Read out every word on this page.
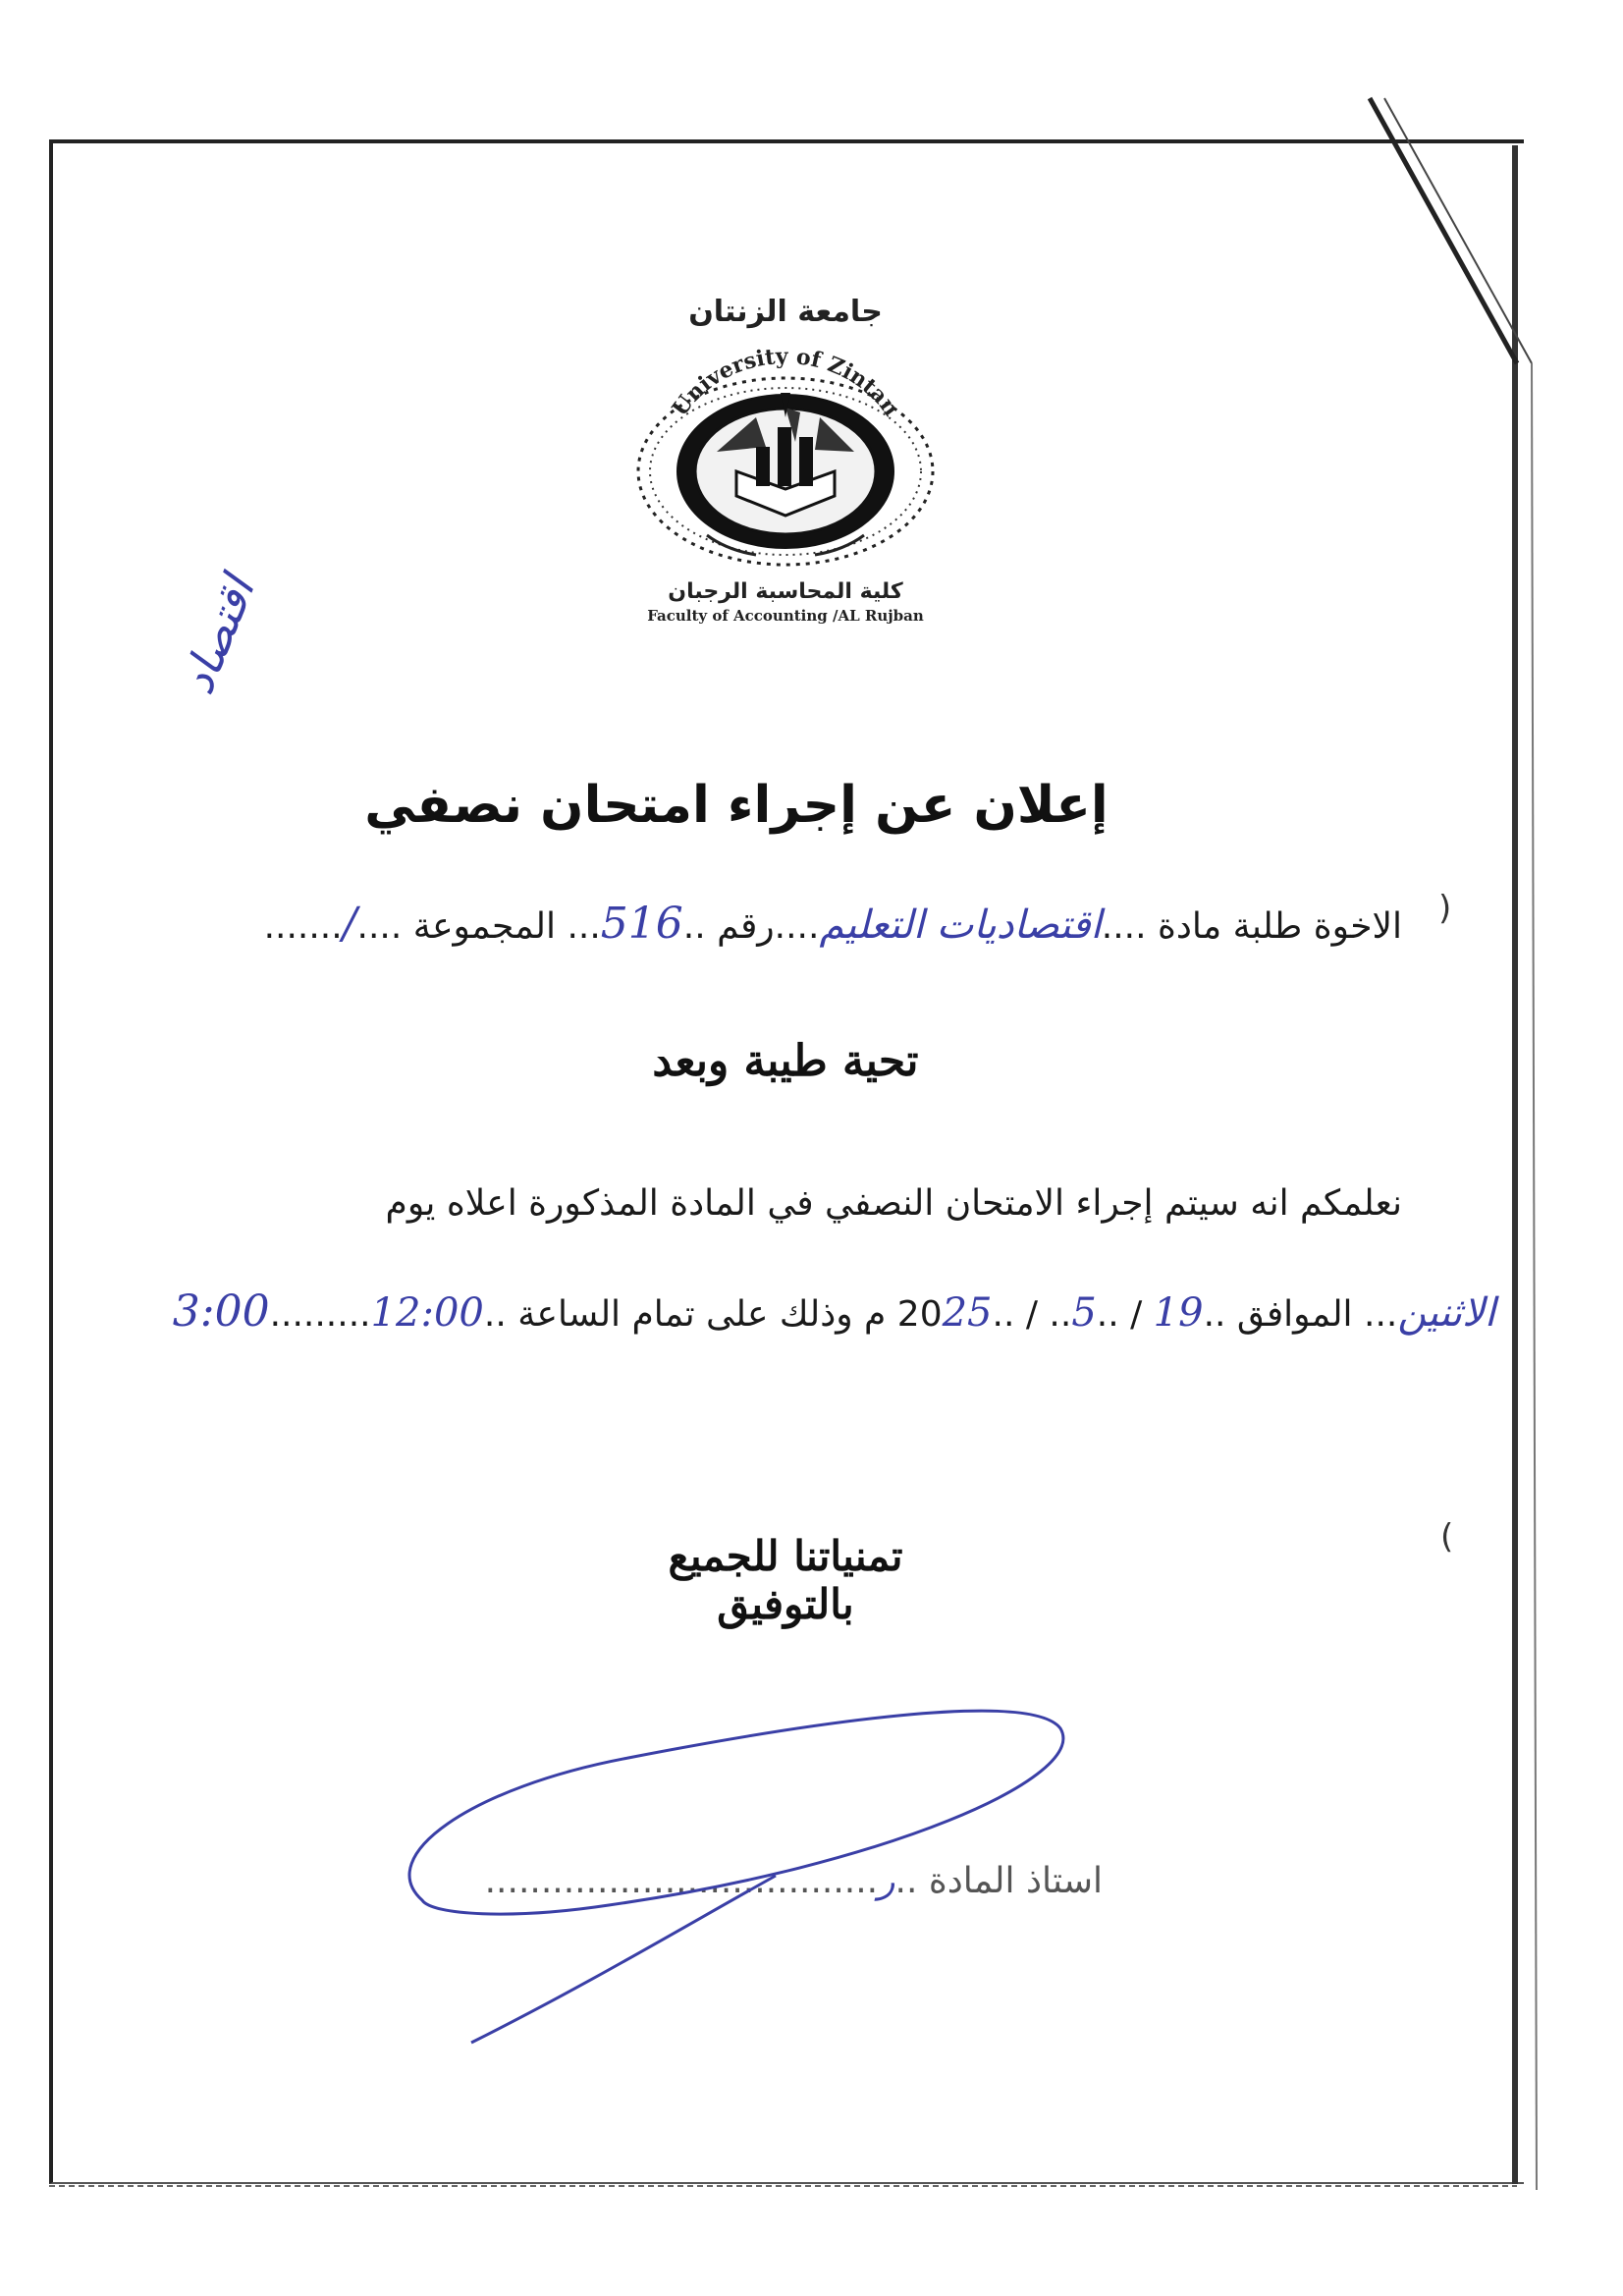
جامعة الزنتان
University of Zintan
كلية المحاسبة الرجبان
Faculty of Accounting /AL Rujban
اقتصاد
إعلان عن إجراء امتحان نصفي
)
الاخوة طلبة مادة ....اقتصاديات التعليم....رقم ..516... المجموعة ..../.......
تحية طيبة وبعد
نعلمكم انه سيتم إجراء الامتحان النصفي في المادة المذكورة اعلاه يوم
الاثنين... الموافق ..19 / ..5.. / ..2025 م وذلك على تمام الساعة ..12:00.........3:00
(
تمنياتنا للجميع بالتوفيق
استاذ المادة ..ر...................................
